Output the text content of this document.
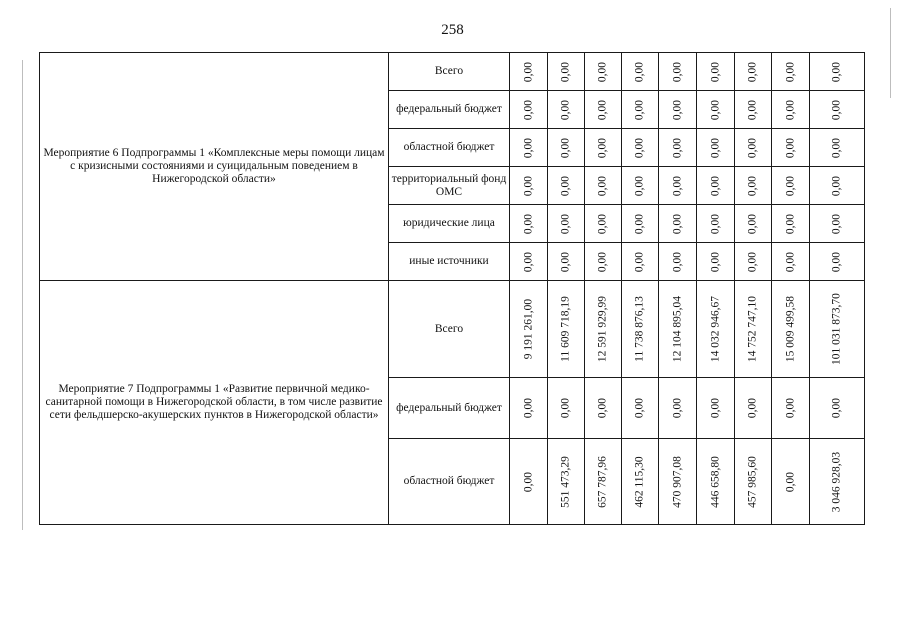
258
Мероприятие 6 Подпрограммы 1 «Комплексные меры помощи лицам с кризисными состояниями и суицидальным поведением в Нижегородской области»	Всего	0,00	0,00	0,00	0,00	0,00	0,00	0,00	0,00	0,00

	федеральный бюджет	0,00	0,00	0,00	0,00	0,00	0,00	0,00	0,00	0,00

	областной бюджет	0,00	0,00	0,00	0,00	0,00	0,00	0,00	0,00	0,00

	территориальный фонд ОМС	0,00	0,00	0,00	0,00	0,00	0,00	0,00	0,00	0,00

	юридические лица	0,00	0,00	0,00	0,00	0,00	0,00	0,00	0,00	0,00

	иные источники	0,00	0,00	0,00	0,00	0,00	0,00	0,00	0,00	0,00

Мероприятие 7 Подпрограммы 1 «Развитие первичной медико-санитарной помощи в Нижегородской области, в том числе развитие сети фельдшерско-акушерских пунктов в Нижегородской области»	Всего	9 191 261,00	11 609 718,19	12 591 929,99	11 738 876,13	12 104 895,04	14 032 946,67	14 752 747,10	15 009 499,58	101 031 873,70

	федеральный бюджет	0,00	0,00	0,00	0,00	0,00	0,00	0,00	0,00	0,00

	областной бюджет	0,00	551 473,29	657 787,96	462 115,30	470 907,08	446 658,80	457 985,60	0,00	3 046 928,03
